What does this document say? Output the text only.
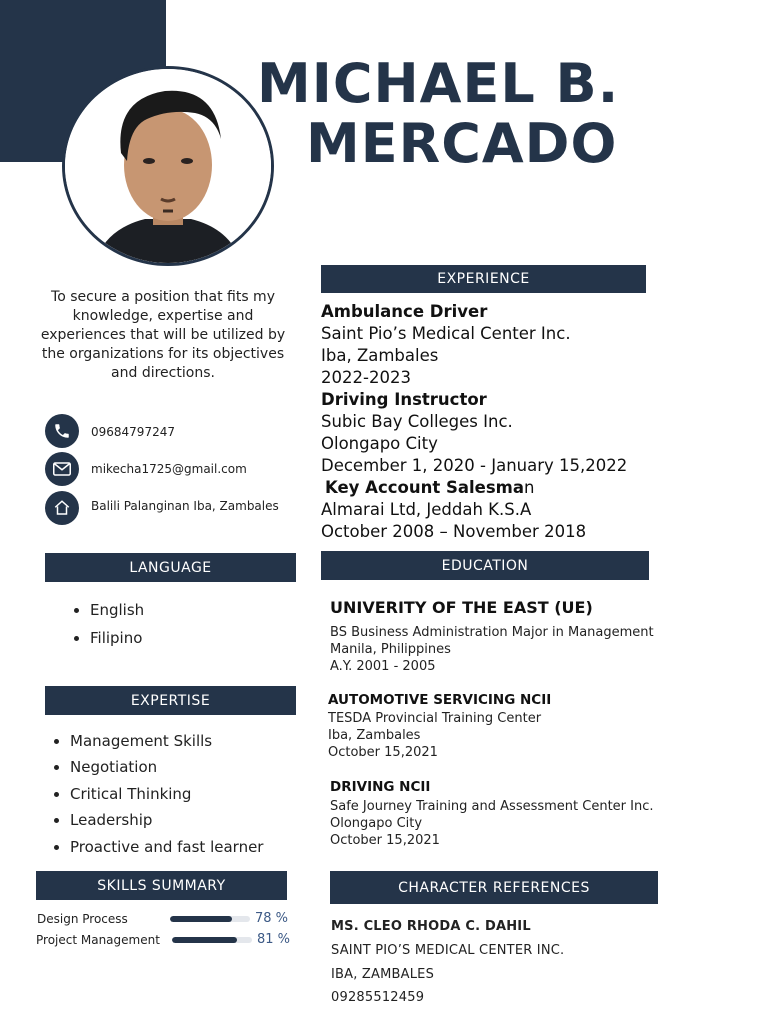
MICHAEL B.
MERCADO
To secure a position that fits my knowledge, expertise and experiences that will be utilized by the organizations for its objectives and directions.
09684797247
mikecha1725@gmail.com
Balili Palanginan Iba, Zambales
LANGUAGE
• English
• Filipino
EXPERTISE
• Management Skills
• Negotiation
• Critical Thinking
• Leadership
• Proactive and fast learner
SKILLS SUMMARY
Design Process	78 %
Project Management	81 %
EXPERIENCE
Ambulance Driver
Saint Pio’s Medical Center Inc.
Iba, Zambales
2022-2023
Driving Instructor
Subic Bay Colleges Inc.
Olongapo City
December 1, 2020 - January 15,2022
Key Account Salesman
Almarai Ltd, Jeddah K.S.A
October 2008 – November 2018
EDUCATION
UNIVERITY OF THE EAST (UE)
BS Business Administration Major in Management
Manila, Philippines
A.Y. 2001 - 2005
AUTOMOTIVE SERVICING NCII
TESDA Provincial Training Center
Iba, Zambales
October 15,2021
DRIVING NCII
Safe Journey Training and Assessment Center Inc.
Olongapo City
October 15,2021
CHARACTER REFERENCES
MS. CLEO RHODA C. DAHIL
SAINT PIO’S MEDICAL CENTER INC.
IBA, ZAMBALES
09285512459
